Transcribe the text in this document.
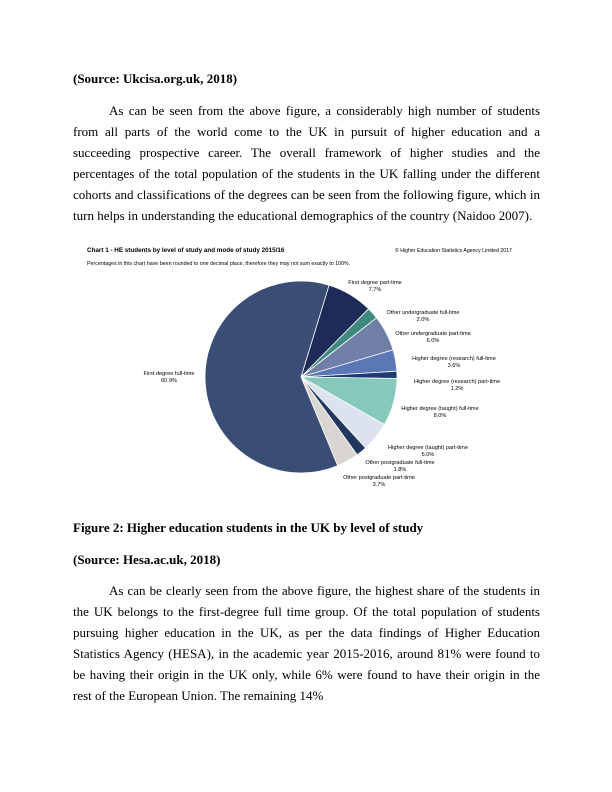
(Source: Ukcisa.org.uk, 2018)

As can be seen from the above figure, a considerably high number of students from all parts of the world come to the UK in pursuit of higher education and a succeeding prospective career. The overall framework of higher studies and the percentages of the total population of the students in the UK falling under the different cohorts and classifications of the degrees can be seen from the following figure, which in turn helps in understanding the educational demographics of the country (Naidoo 2007).

Chart 1 - HE students by level of study and mode of study 2015/16	© Higher Education Statistics Agency Limited 2017
Percentages in this chart have been rounded to one decimal place, therefore they may not sum exactly to 100%.
First degree part-time
7.7%
Other undergraduate full-time
2.0%
Other undergraduate part-time
6.0%
Higher degree (research) full-time
3.6%
Higher degree (research) part-time
1.2%
Higher degree (taught) full-time
8.0%
Higher degree (taught) part-time
5.0%
Other postgraduate full-time
1.8%
Other postgraduate part-time
3.7%
First degree full-time
60.9%
Figure 2: Higher education students in the UK by level of study
(Source: Hesa.ac.uk, 2018)

As can be clearly seen from the above figure, the highest share of the students in the UK belongs to the first-degree full time group. Of the total population of students pursuing higher education in the UK, as per the data findings of Higher Education Statistics Agency (HESA), in the academic year 2015-2016, around 81% were found to be having their origin in the UK only, while 6% were found to have their origin in the rest of the European Union. The remaining 14%
